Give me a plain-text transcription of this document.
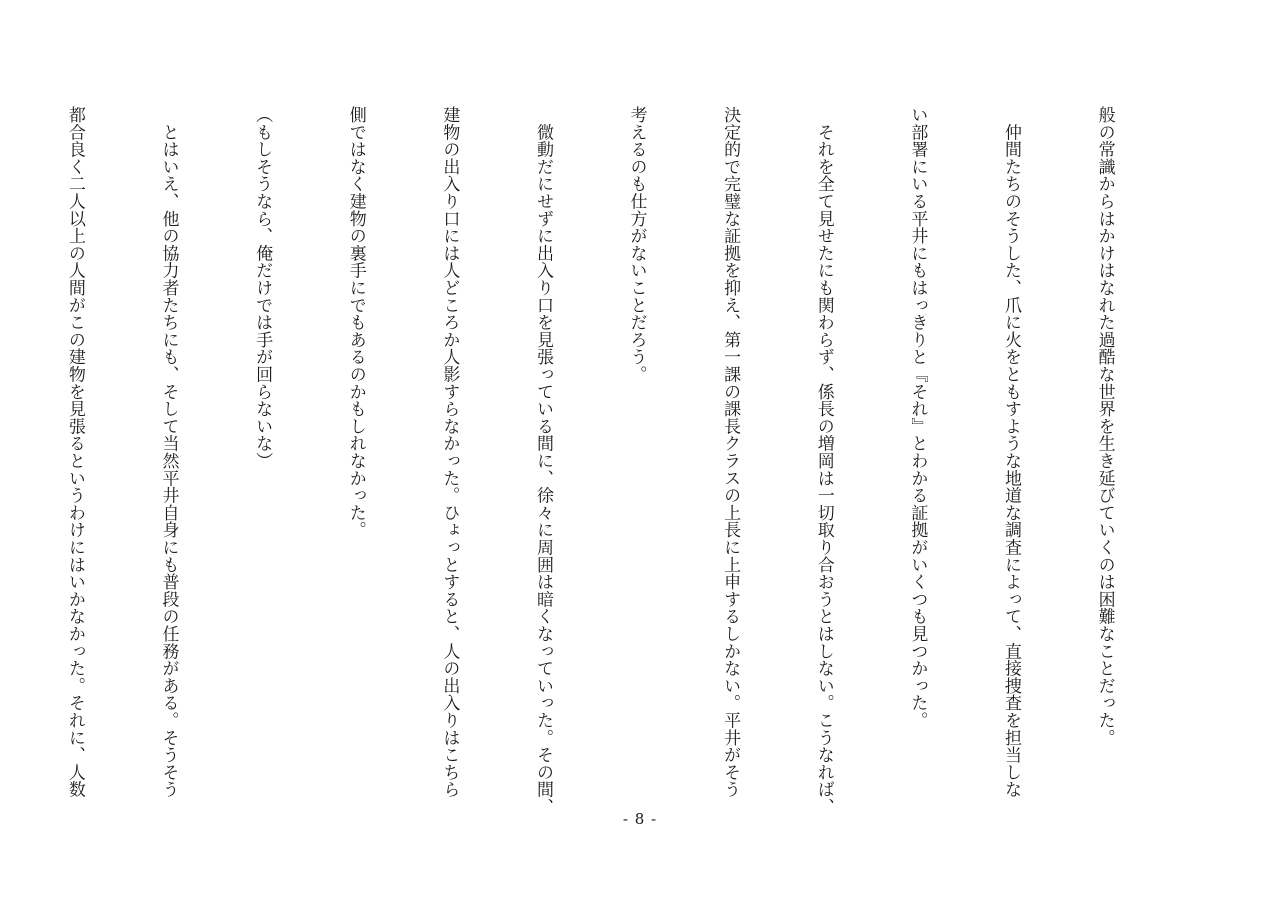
般の常識からはかけはなれた過酷な世界を生き延びていくのは困難なことだった。

　仲間たちのそうした、爪に火をともすような地道な調査によって、直接捜査を担当しな

い部署にいる平井にもはっきりと『それ』とわかる証拠がいくつも見つかった。

　それを全て見せたにも関わらず、係長の増岡は一切取り合おうとはしない。こうなれば、

決定的で完璧な証拠を抑え、第一課の課長クラスの上長に上申するしかない。平井がそう

考えるのも仕方がないことだろう。

　微動だにせずに出入り口を見張っている間に、徐々に周囲は暗くなっていった。その間、

建物の出入り口には人どころか人影すらなかった。ひょっとすると、人の出入りはこちら

側ではなく建物の裏手にでもあるのかもしれなかった。

（もしそうなら、俺だけでは手が回らないな）

　とはいえ、他の協力者たちにも、そして当然平井自身にも普段の任務がある。そうそう

都合良く二人以上の人間がこの建物を見張るというわけにはいかなかった。それに、人数

- 8 -
